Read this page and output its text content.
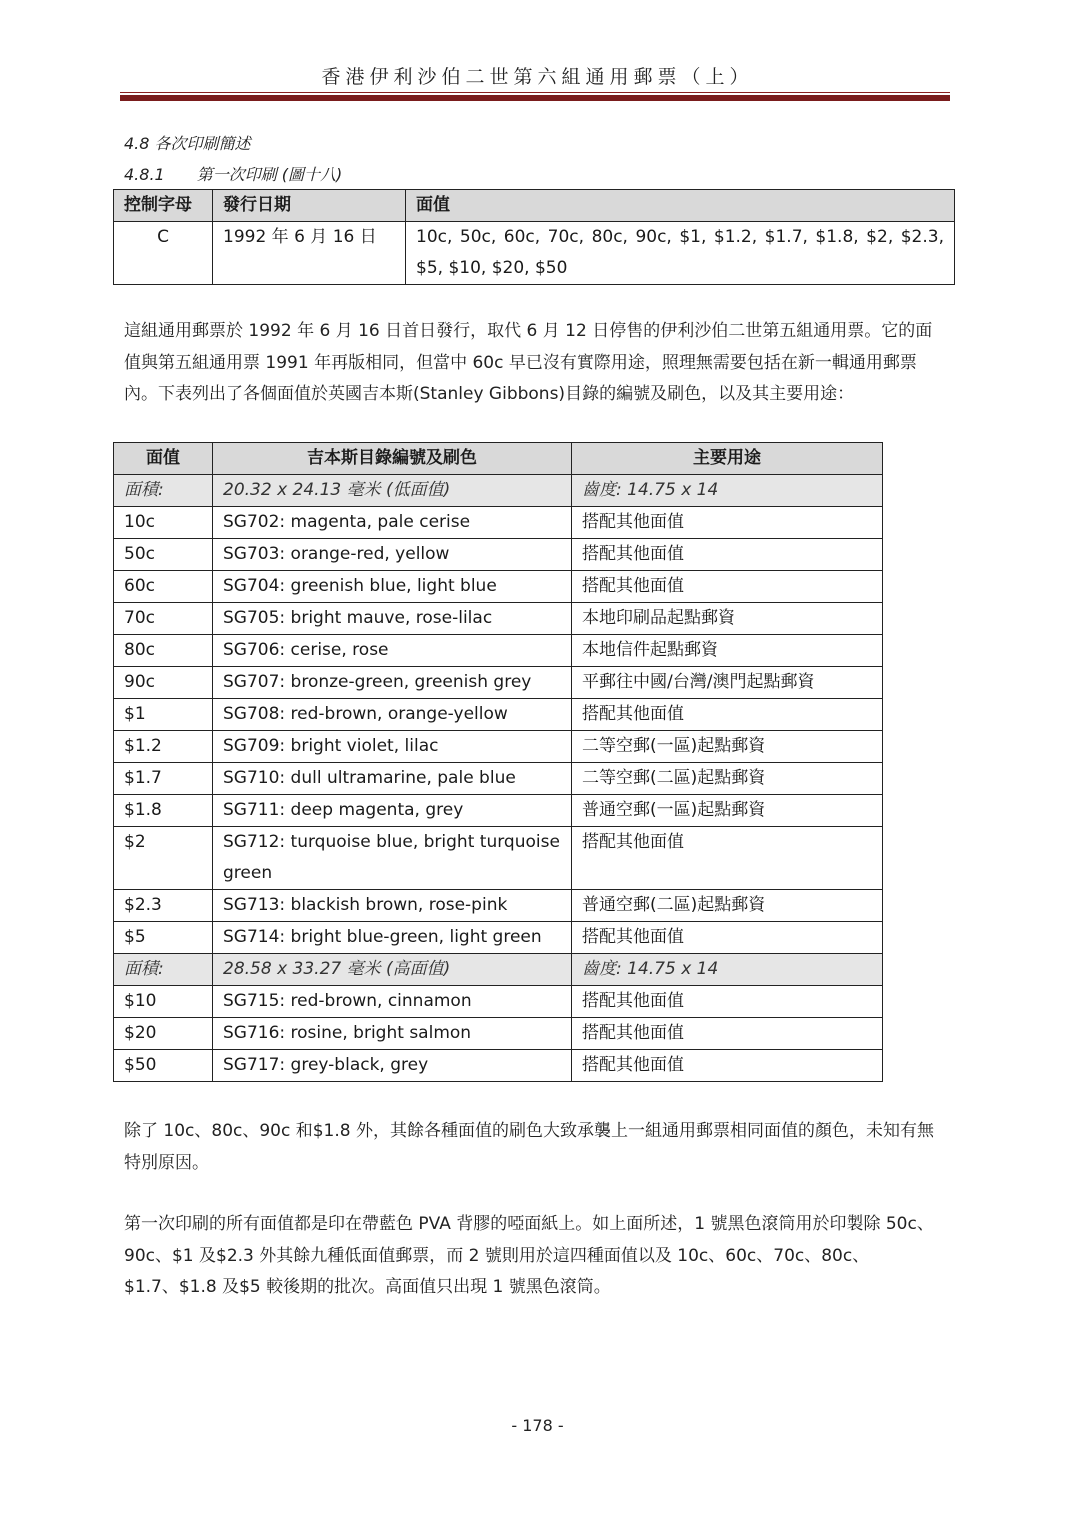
香港伊利沙伯二世第六組通用郵票（上）
4.8 各次印刷簡述
4.8.1 第一次印刷 (圖十八)
控制字母	發行日期	面值
C	1992 年 6 月 16 日	10c, 50c, 60c, 70c, 80c, 90c, $1, $1.2, $1.7, $1.8, $2, $2.3, $5, $10, $20, $50
這組通用郵票於 1992 年 6 月 16 日首日發行，取代 6 月 12 日停售的伊利沙伯二世第五組通用票。它的面值與第五組通用票 1991 年再版相同，但當中 60c 早已沒有實際用途，照理無需要包括在新一輯通用郵票內。下表列出了各個面值於英國吉本斯(Stanley Gibbons)目錄的編號及刷色，以及其主要用途：
面值	吉本斯目錄編號及刷色	主要用途
面積:	20.32 x 24.13 毫米 (低面值)	齒度: 14.75 x 14
10c	SG702: magenta, pale cerise	搭配其他面值
50c	SG703: orange-red, yellow	搭配其他面值
60c	SG704: greenish blue, light blue	搭配其他面值
70c	SG705: bright mauve, rose-lilac	本地印刷品起點郵資
80c	SG706: cerise, rose	本地信件起點郵資
90c	SG707: bronze-green, greenish grey	平郵往中國/台灣/澳門起點郵資
$1	SG708: red-brown, orange-yellow	搭配其他面值
$1.2	SG709: bright violet, lilac	二等空郵(一區)起點郵資
$1.7	SG710: dull ultramarine, pale blue	二等空郵(二區)起點郵資
$1.8	SG711: deep magenta, grey	普通空郵(一區)起點郵資
$2	SG712: turquoise blue, bright turquoise green	搭配其他面值
$2.3	SG713: blackish brown, rose-pink	普通空郵(二區)起點郵資
$5	SG714: bright blue-green, light green	搭配其他面值
面積:	28.58 x 33.27 毫米 (高面值)	齒度: 14.75 x 14
$10	SG715: red-brown, cinnamon	搭配其他面值
$20	SG716: rosine, bright salmon	搭配其他面值
$50	SG717: grey-black, grey	搭配其他面值
除了 10c、80c、90c 和$1.8 外，其餘各種面值的刷色大致承襲上一組通用郵票相同面值的顏色，未知有無特別原因。
第一次印刷的所有面值都是印在帶藍色 PVA 背膠的啞面紙上。如上面所述，1 號黑色滾筒用於印製除 50c、90c、$1 及$2.3 外其餘九種低面值郵票，而 2 號則用於這四種面值以及 10c、60c、70c、80c、$1.7、$1.8 及$5 較後期的批次。高面值只出現 1 號黑色滾筒。
- 178 -
